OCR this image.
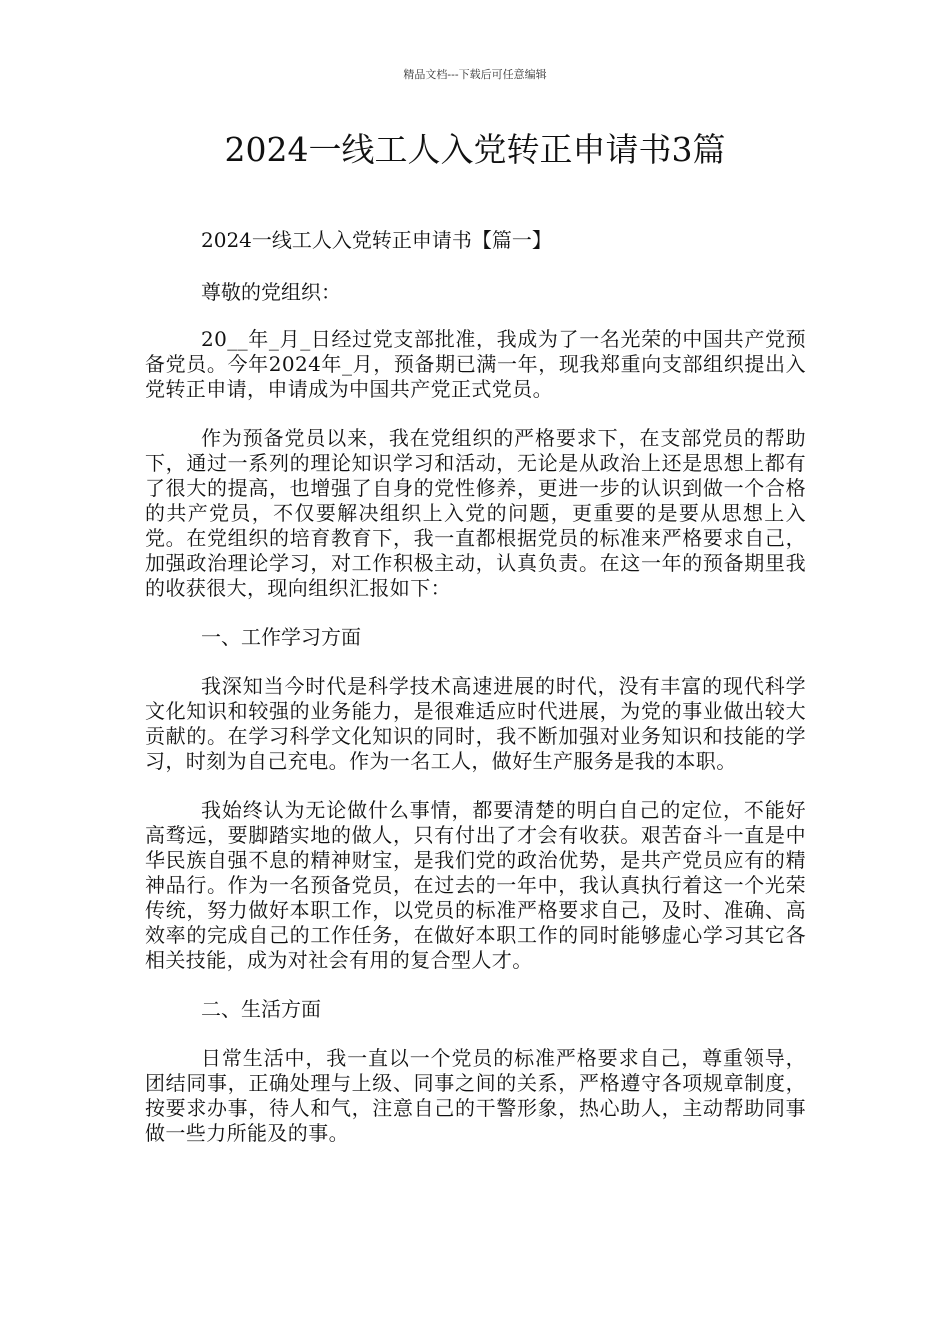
精品文档---下载后可任意编辑
2024一线工人入党转正申请书3篇
2024一线工人入党转正申请书【篇一】
尊敬的党组织：

20__年_月_日经过党支部批准，我成为了一名光荣的中国共产党预备党员。今年2024年_月，预备期已满一年，现我郑重向支部组织提出入党转正申请，申请成为中国共产党正式党员。

作为预备党员以来，我在党组织的严格要求下，在支部党员的帮助下，通过一系列的理论知识学习和活动，无论是从政治上还是思想上都有了很大的提高，也增强了自身的党性修养，更进一步的认识到做一个合格的共产党员，不仅要解决组织上入党的问题，更重要的是要从思想上入党。在党组织的培育教育下，我一直都根据党员的标准来严格要求自己，加强政治理论学习，对工作积极主动，认真负责。在这一年的预备期里我的收获很大，现向组织汇报如下：

一、工作学习方面

我深知当今时代是科学技术高速进展的时代，没有丰富的现代科学文化知识和较强的业务能力，是很难适应时代进展，为党的事业做出较大贡献的。在学习科学文化知识的同时，我不断加强对业务知识和技能的学习，时刻为自己充电。作为一名工人，做好生产服务是我的本职。

我始终认为无论做什么事情，都要清楚的明白自己的定位，不能好高骛远，要脚踏实地的做人，只有付出了才会有收获。艰苦奋斗一直是中华民族自强不息的精神财宝，是我们党的政治优势，是共产党员应有的精神品行。作为一名预备党员，在过去的一年中，我认真执行着这一个光荣传统，努力做好本职工作，以党员的标准严格要求自己，及时、准确、高效率的完成自己的工作任务，在做好本职工作的同时能够虚心学习其它各相关技能，成为对社会有用的复合型人才。

二、生活方面

日常生活中，我一直以一个党员的标准严格要求自己，尊重领导，团结同事，正确处理与上级、同事之间的关系，严格遵守各项规章制度，按要求办事，待人和气，注意自己的干警形象，热心助人，主动帮助同事做一些力所能及的事。
